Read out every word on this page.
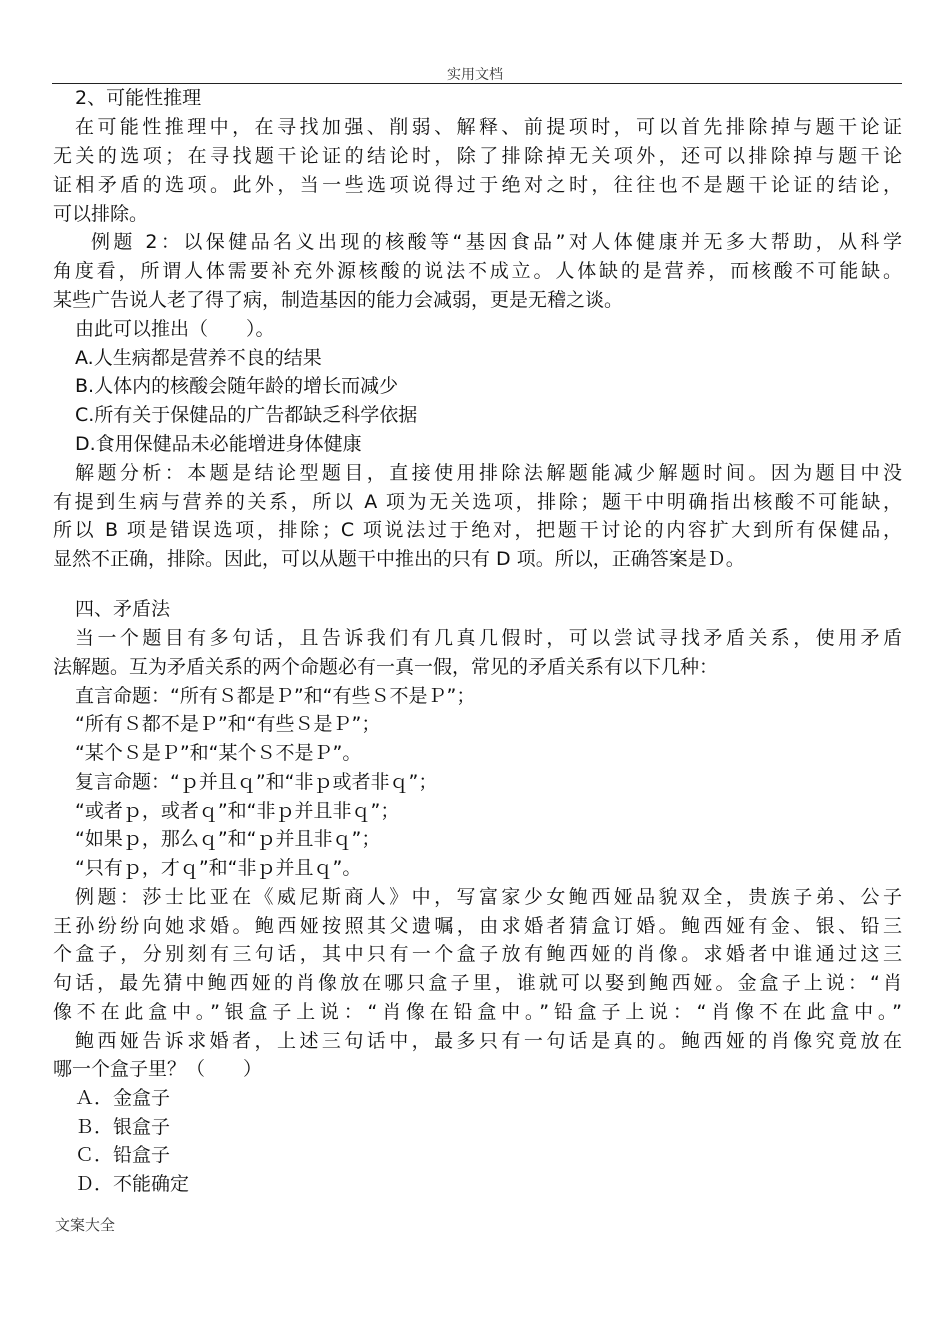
实用文档
2、可能性推理
在可能性推理中，在寻找加强、削弱、解释、前提项时，可以首先排除掉与题干论证
无关的选项；在寻找题干论证的结论时，除了排除掉无关项外，还可以排除掉与题干论
证相矛盾的选项。此外，当一些选项说得过于绝对之时，往往也不是题干论证的结论，
可以排除。
例题 2：以保健品名义出现的核酸等“基因食品”对人体健康并无多大帮助，从科学
角度看，所谓人体需要补充外源核酸的说法不成立。人体缺的是营养，而核酸不可能缺。
某些广告说人老了得了病，制造基因的能力会减弱，更是无稽之谈。
由此可以推出（　　）。
A.人生病都是营养不良的结果
B.人体内的核酸会随年龄的增长而减少
C.所有关于保健品的广告都缺乏科学依据
D.食用保健品未必能增进身体健康
解题分析：本题是结论型题目，直接使用排除法解题能减少解题时间。因为题目中没
有提到生病与营养的关系，所以 A 项为无关选项，排除；题干中明确指出核酸不可能缺，
所以 B 项是错误选项，排除；C 项说法过于绝对，把题干讨论的内容扩大到所有保健品，
显然不正确，排除。因此，可以从题干中推出的只有 D 项。所以，正确答案是Ｄ。
四、矛盾法
当一个题目有多句话，且告诉我们有几真几假时，可以尝试寻找矛盾关系，使用矛盾
法解题。互为矛盾关系的两个命题必有一真一假，常见的矛盾关系有以下几种：
直言命题：“所有Ｓ都是Ｐ”和“有些Ｓ不是Ｐ”；
“所有Ｓ都不是Ｐ”和“有些Ｓ是Ｐ”；
“某个Ｓ是Ｐ”和“某个Ｓ不是Ｐ”。
复言命题：“ｐ并且ｑ”和“非ｐ或者非ｑ”；
“或者ｐ，或者ｑ”和“非ｐ并且非ｑ”；
“如果ｐ，那么ｑ”和“ｐ并且非ｑ”；
“只有ｐ，才ｑ”和“非ｐ并且ｑ”。
例题：莎士比亚在《威尼斯商人》中，写富家少女鲍西娅品貌双全，贵族子弟、公子
王孙纷纷向她求婚。鲍西娅按照其父遗嘱，由求婚者猜盒订婚。鲍西娅有金、银、铅三
个盒子，分别刻有三句话，其中只有一个盒子放有鲍西娅的肖像。求婚者中谁通过这三
句话，最先猜中鲍西娅的肖像放在哪只盒子里，谁就可以娶到鲍西娅。金盒子上说：“肖
像不在此盒中。”银盒子上说：“肖像在铅盒中。”铅盒子上说：“肖像不在此盒中。”
鲍西娅告诉求婚者，上述三句话中，最多只有一句话是真的。鲍西娅的肖像究竟放在
哪一个盒子里？（　　）
Ａ．金盒子
Ｂ．银盒子
Ｃ．铅盒子
Ｄ．不能确定
文案大全
